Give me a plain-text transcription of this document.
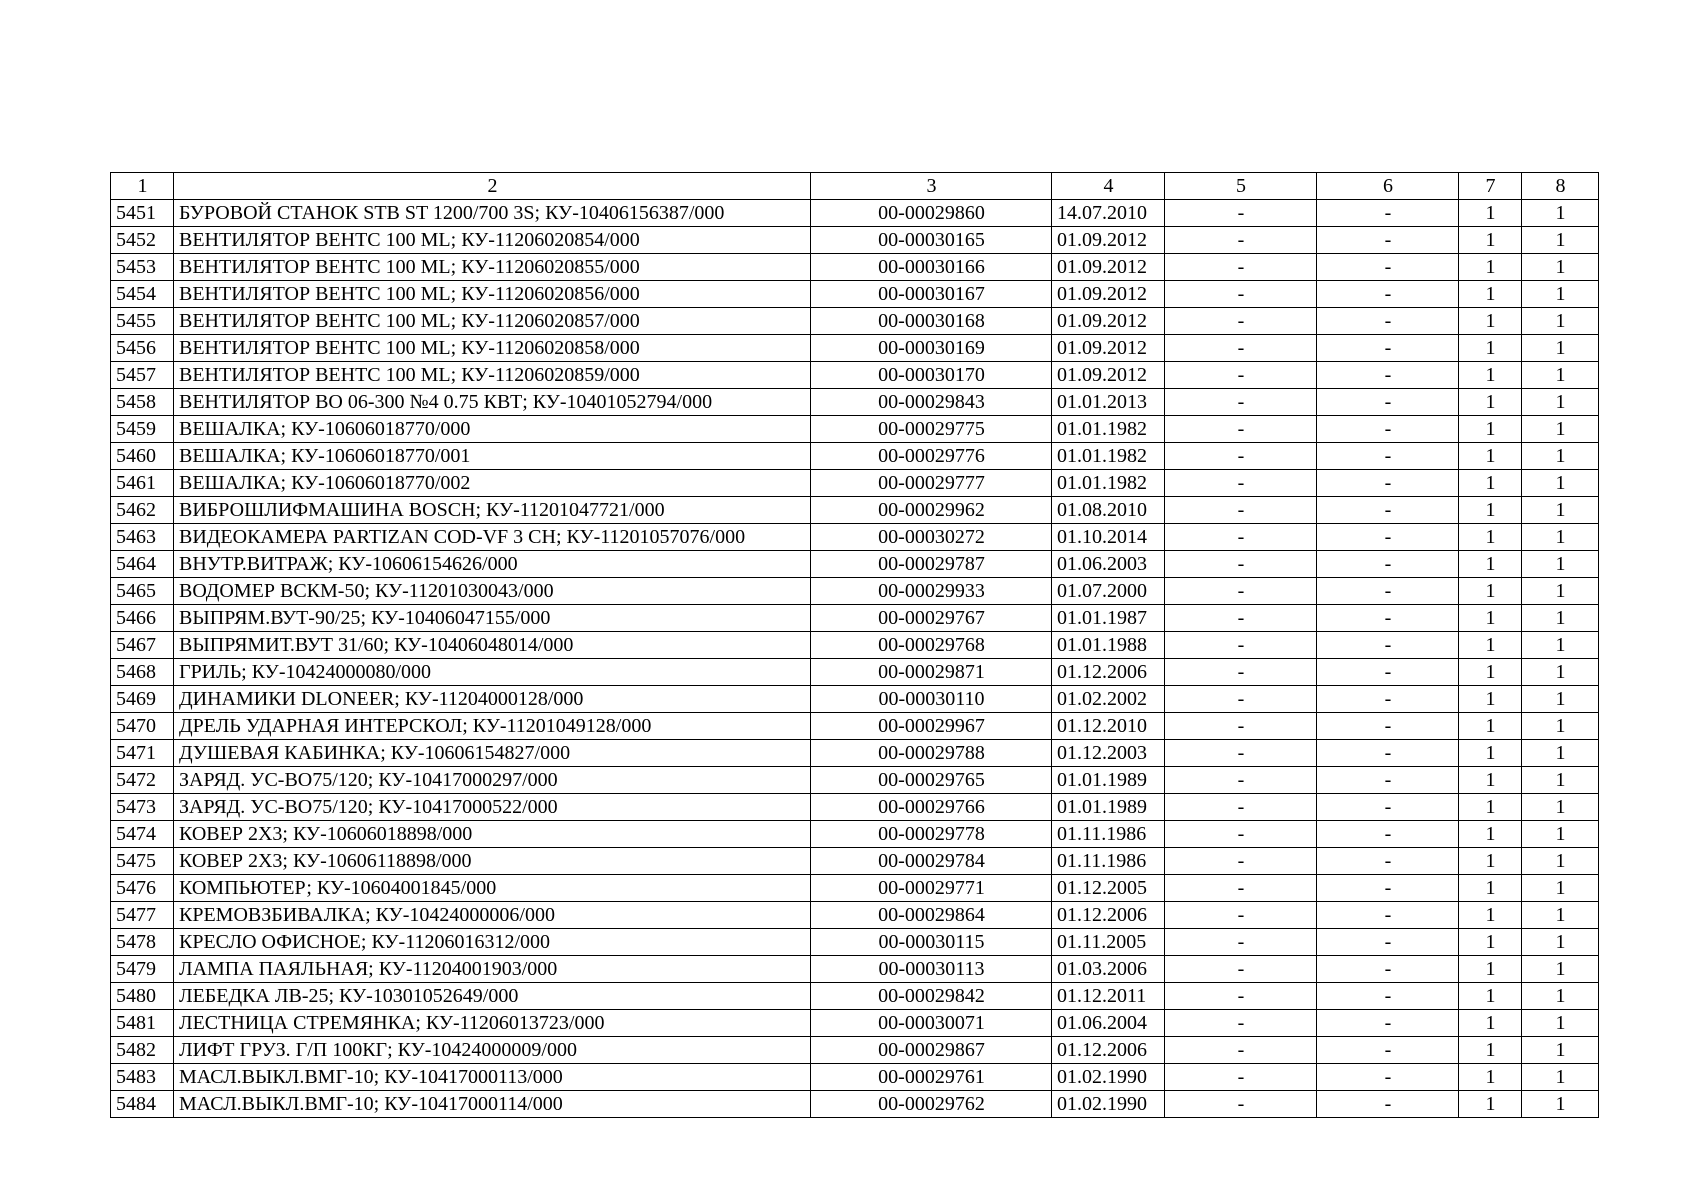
1	2	3	4	5	6	7	8
5451	БУРОВОЙ СТАНОК STB ST 1200/700 3S; КУ-10406156387/000	00-00029860	14.07.2010	-	-	1	1
5452	ВЕНТИЛЯТОР ВЕНТС 100 ML; КУ-11206020854/000	00-00030165	01.09.2012	-	-	1	1
5453	ВЕНТИЛЯТОР ВЕНТС 100 ML; КУ-11206020855/000	00-00030166	01.09.2012	-	-	1	1
5454	ВЕНТИЛЯТОР ВЕНТС 100 ML; КУ-11206020856/000	00-00030167	01.09.2012	-	-	1	1
5455	ВЕНТИЛЯТОР ВЕНТС 100 ML; КУ-11206020857/000	00-00030168	01.09.2012	-	-	1	1
5456	ВЕНТИЛЯТОР ВЕНТС 100 ML; КУ-11206020858/000	00-00030169	01.09.2012	-	-	1	1
5457	ВЕНТИЛЯТОР ВЕНТС 100 ML; КУ-11206020859/000	00-00030170	01.09.2012	-	-	1	1
5458	ВЕНТИЛЯТОР ВО 06-300 №4 0.75 КВТ; КУ-10401052794/000	00-00029843	01.01.2013	-	-	1	1
5459	ВЕШАЛКА; КУ-10606018770/000	00-00029775	01.01.1982	-	-	1	1
5460	ВЕШАЛКА; КУ-10606018770/001	00-00029776	01.01.1982	-	-	1	1
5461	ВЕШАЛКА; КУ-10606018770/002	00-00029777	01.01.1982	-	-	1	1
5462	ВИБРОШЛИФМАШИНА BOSCH; КУ-11201047721/000	00-00029962	01.08.2010	-	-	1	1
5463	ВИДЕОКАМЕРА PARTIZAN COD-VF 3 CH; КУ-11201057076/000	00-00030272	01.10.2014	-	-	1	1
5464	ВНУТР.ВИТРАЖ; КУ-10606154626/000	00-00029787	01.06.2003	-	-	1	1
5465	ВОДОМЕР ВСКМ-50; КУ-11201030043/000	00-00029933	01.07.2000	-	-	1	1
5466	ВЫПРЯМ.ВУТ-90/25; КУ-10406047155/000	00-00029767	01.01.1987	-	-	1	1
5467	ВЫПРЯМИТ.ВУТ 31/60; КУ-10406048014/000	00-00029768	01.01.1988	-	-	1	1
5468	ГРИЛЬ; КУ-10424000080/000	00-00029871	01.12.2006	-	-	1	1
5469	ДИНАМИКИ DLONEER; КУ-11204000128/000	00-00030110	01.02.2002	-	-	1	1
5470	ДРЕЛЬ УДАРНАЯ ИНТЕРСКОЛ; КУ-11201049128/000	00-00029967	01.12.2010	-	-	1	1
5471	ДУШЕВАЯ КАБИНКА; КУ-10606154827/000	00-00029788	01.12.2003	-	-	1	1
5472	ЗАРЯД. УС-ВО75/120; КУ-10417000297/000	00-00029765	01.01.1989	-	-	1	1
5473	ЗАРЯД. УС-ВО75/120; КУ-10417000522/000	00-00029766	01.01.1989	-	-	1	1
5474	КОВЕР 2Х3; КУ-10606018898/000	00-00029778	01.11.1986	-	-	1	1
5475	КОВЕР 2Х3; КУ-10606118898/000	00-00029784	01.11.1986	-	-	1	1
5476	КОМПЬЮТЕР; КУ-10604001845/000	00-00029771	01.12.2005	-	-	1	1
5477	КРЕМОВЗБИВАЛКА; КУ-10424000006/000	00-00029864	01.12.2006	-	-	1	1
5478	КРЕСЛО ОФИСНОЕ; КУ-11206016312/000	00-00030115	01.11.2005	-	-	1	1
5479	ЛАМПА ПАЯЛЬНАЯ; КУ-11204001903/000	00-00030113	01.03.2006	-	-	1	1
5480	ЛЕБЕДКА ЛВ-25; КУ-10301052649/000	00-00029842	01.12.2011	-	-	1	1
5481	ЛЕСТНИЦА СТРЕМЯНКА; КУ-11206013723/000	00-00030071	01.06.2004	-	-	1	1
5482	ЛИФТ ГРУЗ. Г/П 100КГ; КУ-10424000009/000	00-00029867	01.12.2006	-	-	1	1
5483	МАСЛ.ВЫКЛ.ВМГ-10; КУ-10417000113/000	00-00029761	01.02.1990	-	-	1	1
5484	МАСЛ.ВЫКЛ.ВМГ-10; КУ-10417000114/000	00-00029762	01.02.1990	-	-	1	1
